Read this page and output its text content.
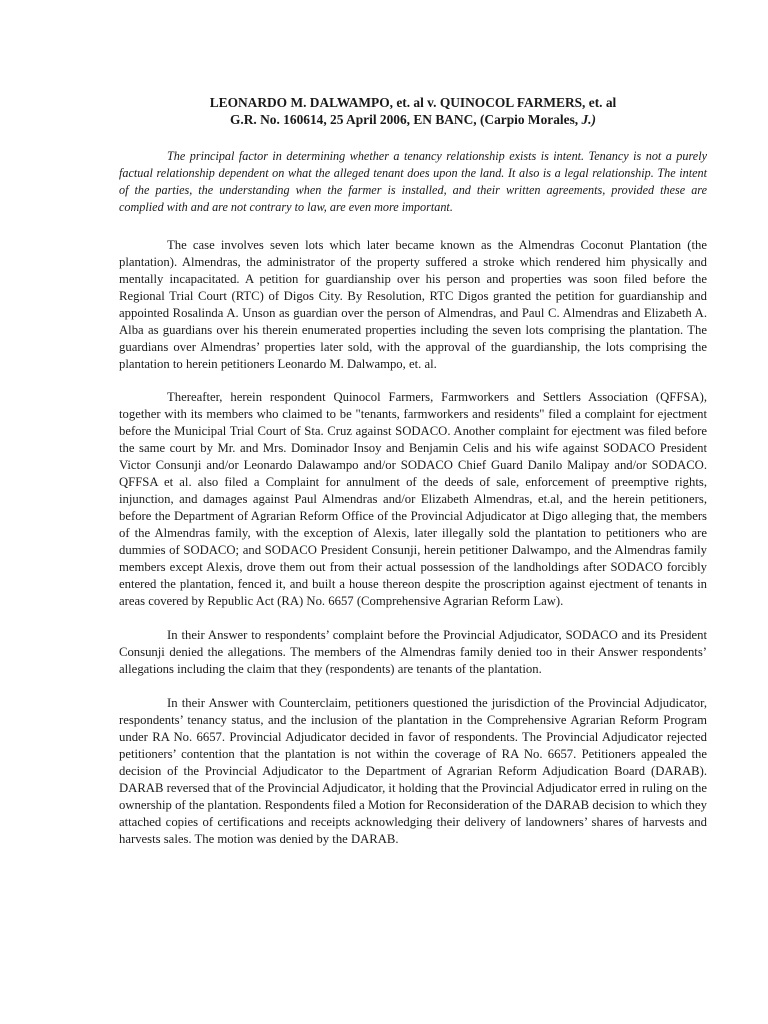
LEONARDO M. DALWAMPO, et. al v. QUINOCOL FARMERS, et. al
G.R. No. 160614, 25 April 2006, EN BANC, (Carpio Morales, J.)

The principal factor in determining whether a tenancy relationship exists is intent. Tenancy is not a purely factual relationship dependent on what the alleged tenant does upon the land. It also is a legal relationship. The intent of the parties, the understanding when the farmer is installed, and their written agreements, provided these are complied with and are not contrary to law, are even more important.

The case involves seven lots which later became known as the Almendras Coconut Plantation (the plantation). Almendras, the administrator of the property suffered a stroke which rendered him physically and mentally incapacitated. A petition for guardianship over his person and properties was soon filed before the Regional Trial Court (RTC) of Digos City. By Resolution, RTC Digos granted the petition for guardianship and appointed Rosalinda A. Unson as guardian over the person of Almendras, and Paul C. Almendras and Elizabeth A. Alba as guardians over his therein enumerated properties including the seven lots comprising the plantation. The guardians over Almendras’ properties later sold, with the approval of the guardianship, the lots comprising the plantation to herein petitioners Leonardo M. Dalwampo, et. al.

Thereafter, herein respondent Quinocol Farmers, Farmworkers and Settlers Association (QFFSA), together with its members who claimed to be "tenants, farmworkers and residents" filed a complaint for ejectment before the Municipal Trial Court of Sta. Cruz against SODACO. Another complaint for ejectment was filed before the same court by Mr. and Mrs. Dominador Insoy and Benjamin Celis and his wife against SODACO President Victor Consunji and/or Leonardo Dalawampo and/or SODACO Chief Guard Danilo Malipay and/or SODACO. QFFSA et al. also filed a Complaint for annulment of the deeds of sale, enforcement of preemptive rights, injunction, and damages against Paul Almendras and/or Elizabeth Almendras, et.al, and the herein petitioners, before the Department of Agrarian Reform Office of the Provincial Adjudicator at Digo alleging that, the members of the Almendras family, with the exception of Alexis, later illegally sold the plantation to petitioners who are dummies of SODACO; and SODACO President Consunji, herein petitioner Dalwampo, and the Almendras family members except Alexis, drove them out from their actual possession of the landholdings after SODACO forcibly entered the plantation, fenced it, and built a house thereon despite the proscription against ejectment of tenants in areas covered by Republic Act (RA) No. 6657 (Comprehensive Agrarian Reform Law).

In their Answer to respondents’ complaint before the Provincial Adjudicator, SODACO and its President Consunji denied the allegations. The members of the Almendras family denied too in their Answer respondents’ allegations including the claim that they (respondents) are tenants of the plantation.

In their Answer with Counterclaim, petitioners questioned the jurisdiction of the Provincial Adjudicator, respondents’ tenancy status, and the inclusion of the plantation in the Comprehensive Agrarian Reform Program under RA No. 6657. Provincial Adjudicator decided in favor of respondents. The Provincial Adjudicator rejected petitioners’ contention that the plantation is not within the coverage of RA No. 6657. Petitioners appealed the decision of the Provincial Adjudicator to the Department of Agrarian Reform Adjudication Board (DARAB). DARAB reversed that of the Provincial Adjudicator, it holding that the Provincial Adjudicator erred in ruling on the ownership of the plantation. Respondents filed a Motion for Reconsideration of the DARAB decision to which they attached copies of certifications and receipts acknowledging their delivery of landowners’ shares of harvests and harvests sales. The motion was denied by the DARAB.
